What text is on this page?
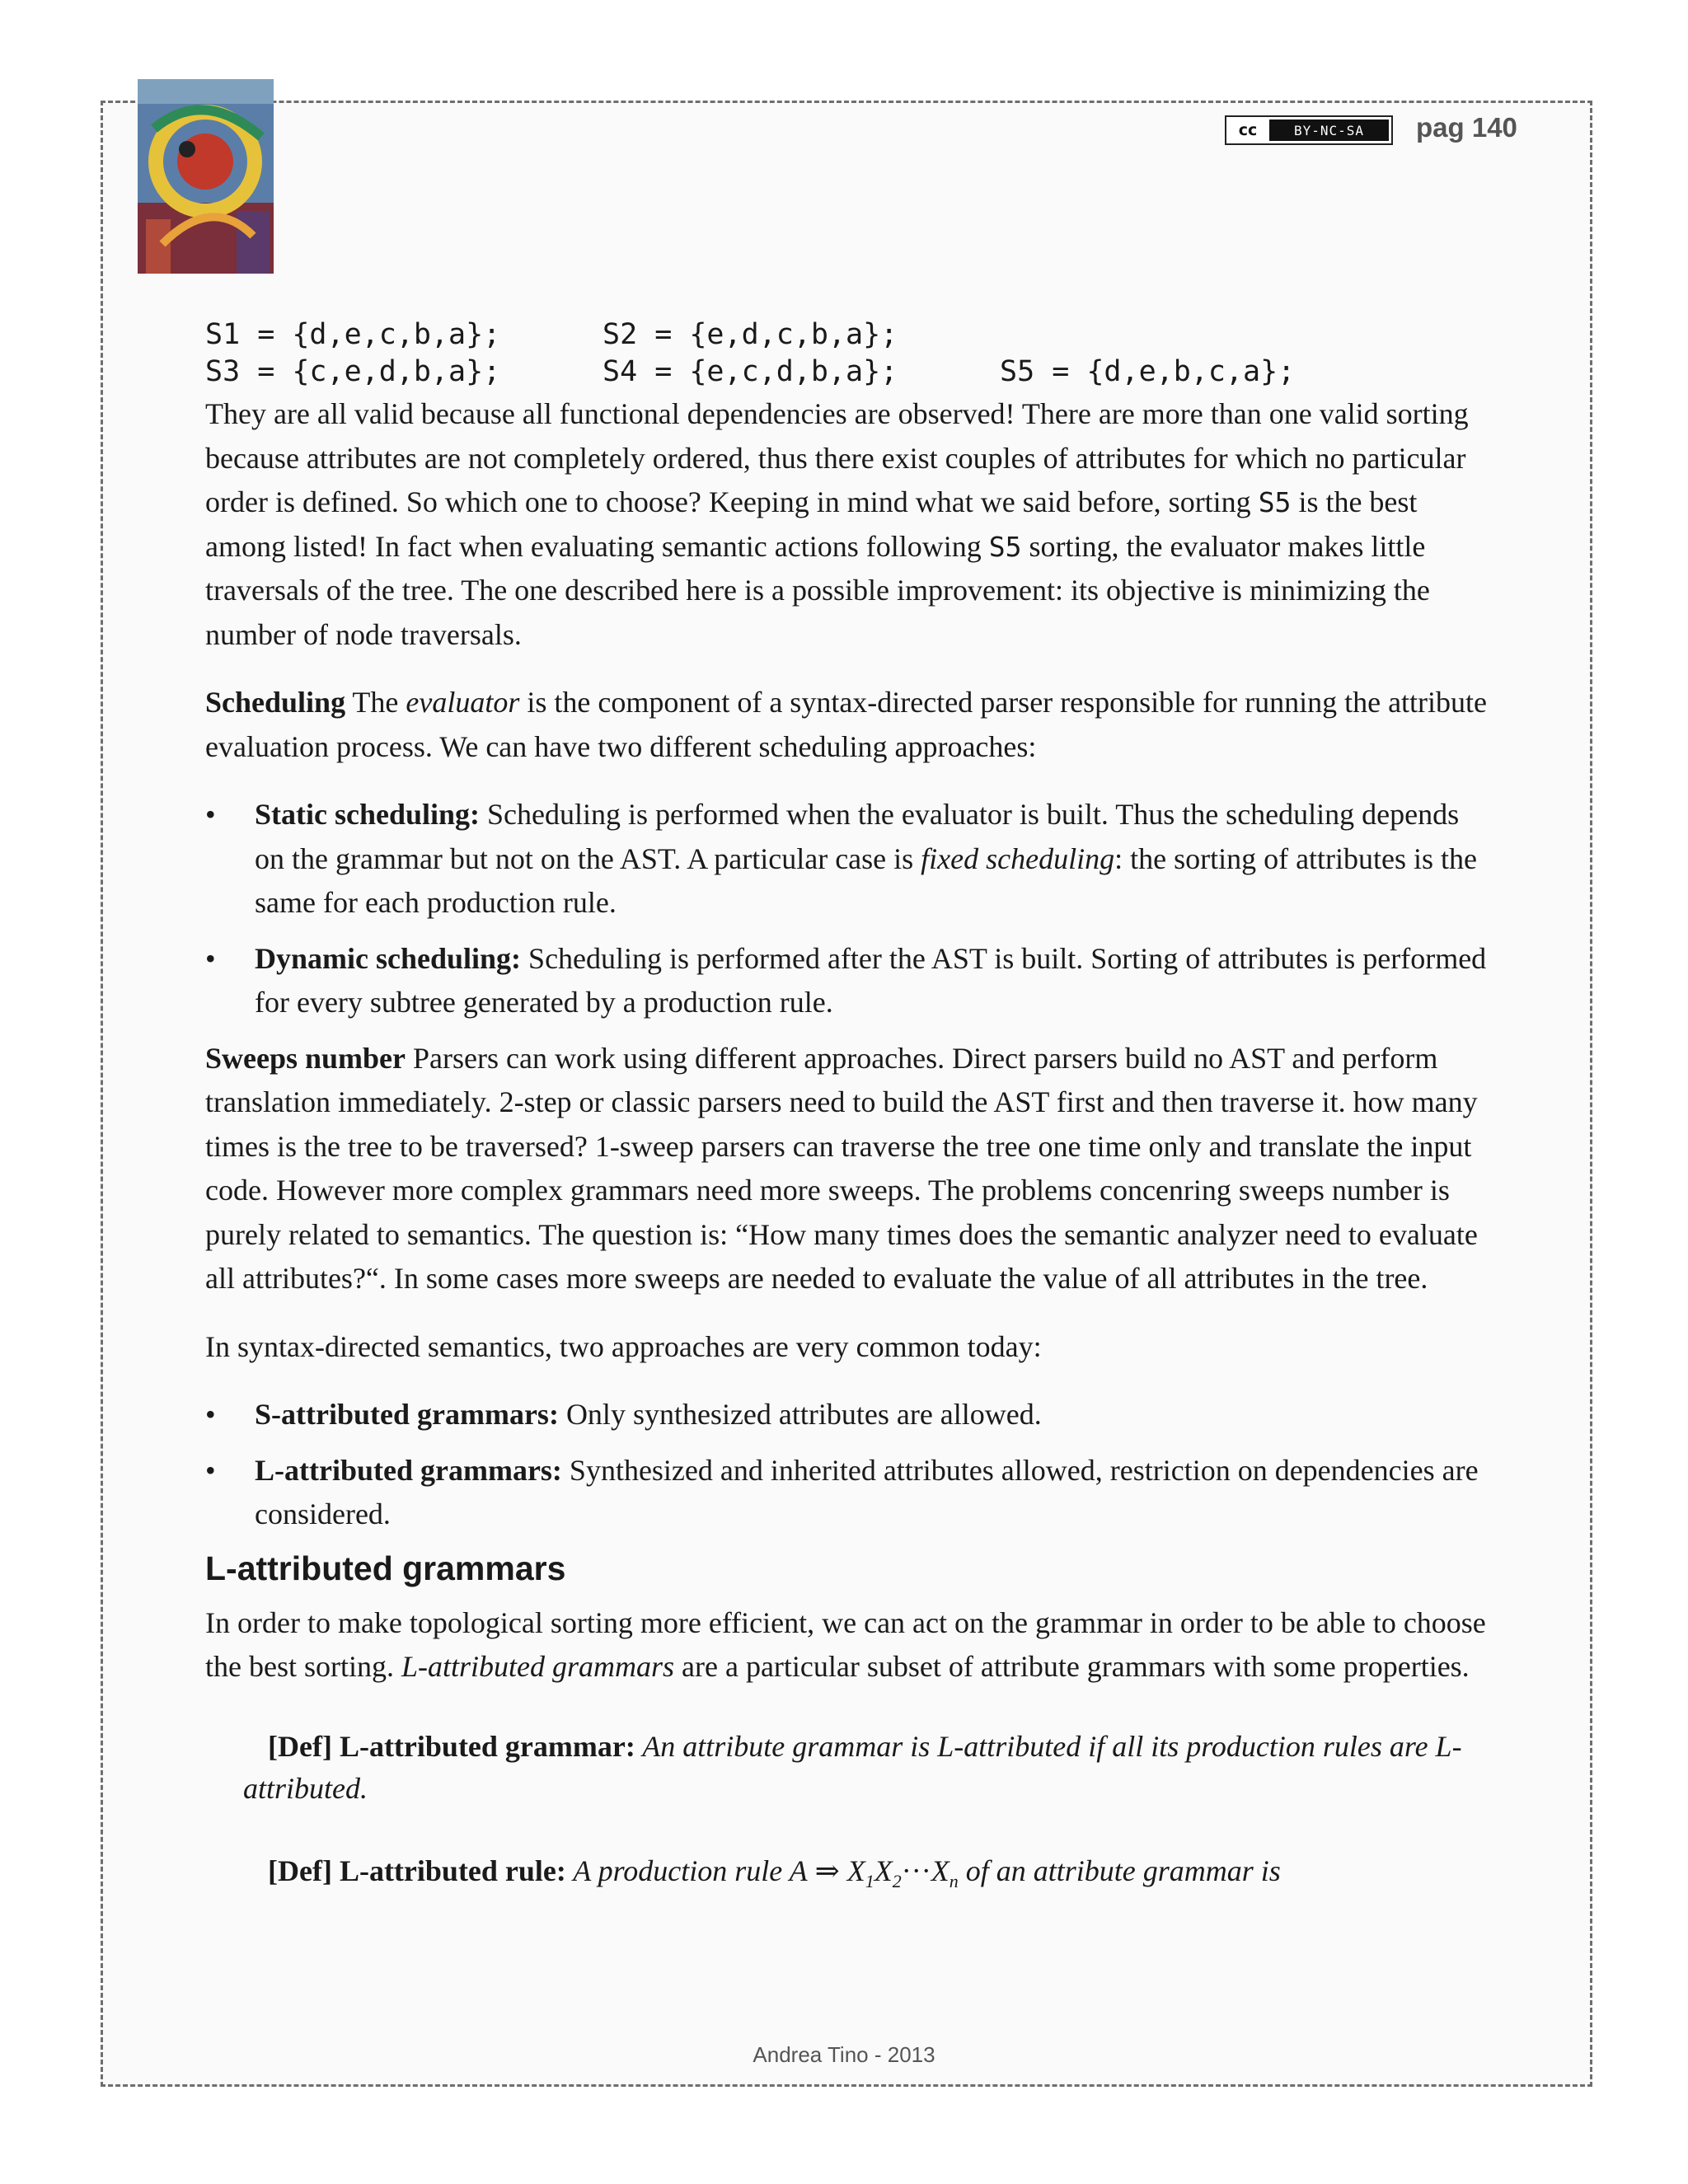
cc	BY-NC-SA	pag 140
S1 = {d,e,c,b,a};	S2 = {e,d,c,b,a};
S3 = {c,e,d,b,a};	S4 = {e,c,d,b,a};	S5 = {d,e,b,c,a};

They are all valid because all functional dependencies are observed! There are more than one valid sorting because attributes are not completely ordered, thus there exist couples of attributes for which no particular order is defined. So which one to choose? Keeping in mind what we said before, sorting S5 is the best among listed! In fact when evaluating semantic actions following S5 sorting, the evaluator makes little traversals of the tree. The one described here is a possible improvement: its objective is minimizing the number of node traversals.

Scheduling The evaluator is the component of a syntax-directed parser responsible for running the attribute evaluation process. We can have two different scheduling approaches:

• Static scheduling: Scheduling is performed when the evaluator is built. Thus the scheduling depends on the grammar but not on the AST. A particular case is fixed scheduling: the sorting of attributes is the same for each production rule.
• Dynamic scheduling: Scheduling is performed after the AST is built. Sorting of attributes is performed for every subtree generated by a production rule.

Sweeps number Parsers can work using different approaches. Direct parsers build no AST and perform translation immediately. 2-step or classic parsers need to build the AST first and then traverse it. how many times is the tree to be traversed? 1-sweep parsers can traverse the tree one time only and translate the input code. However more complex grammars need more sweeps. The problems concenring sweeps number is purely related to semantics. The question is: “How many times does the semantic analyzer need to evaluate all attributes?“. In some cases more sweeps are needed to evaluate the value of all attributes in the tree.

In syntax-directed semantics, two approaches are very common today:

• S-attributed grammars: Only synthesized attributes are allowed.
• L-attributed grammars: Synthesized and inherited attributes allowed, restriction on dependencies are considered.
L-attributed grammars

In order to make topological sorting more efficient, we can act on the grammar in order to be able to choose the best sorting. L-attributed grammars are a particular subset of attribute grammars with some properties.

[Def] L-attributed grammar: An attribute grammar is L-attributed if all its production rules are L-attributed.

[Def] L-attributed rule: A production rule A ⇒ $X_1X_2\cdot\cdot\cdot X_n$ of an attribute grammar is

Andrea Tino - 2013
